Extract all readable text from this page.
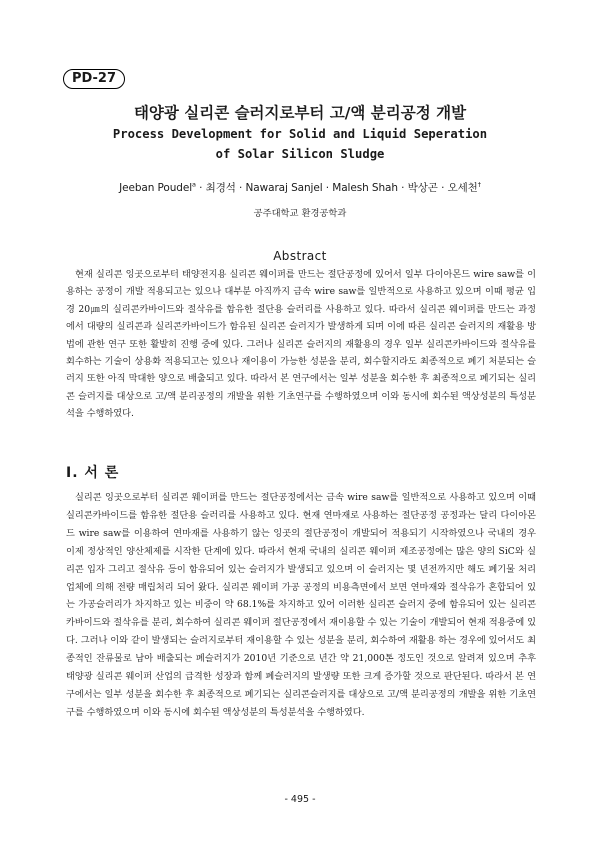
PD-27
태양광 실리콘 슬러지로부터 고/액 분리공정 개발
Process Development for Solid and Liquid Seperation
of Solar Silicon Sludge
Jeeban Poudel$^a$ · 최경석 · Nawaraj Sanjel · Malesh Shah · 박상곤 · 오세천†
공주대학교 환경공학과
Abstract

현재 실리콘 잉곳으로부터 태양전지용 실리콘 웨이퍼를 만드는 절단공정에 있어서 일부 다이아몬드 wire saw를 이용하는 공정이 개발 적용되고는 있으나 대부분 아직까지 금속 wire saw를 일반적으로 사용하고 있으며 이때 평균 입경 20㎛의 실리콘카바이드와 절삭유를 함유한 절단용 슬러리를 사용하고 있다. 따라서 실리콘 웨이퍼를 만드는 과정에서 대량의 실리콘과 실리콘카바이드가 함유된 실리콘 슬러지가 발생하게 되며 이에 따른 실리콘 슬러지의 재활용 방법에 관한 연구 또한 활발히 진행 중에 있다. 그러나 실리콘 슬러지의 재활용의 경우 일부 실리콘카바이드와 절삭유를 회수하는 기술이 상용화 적용되고는 있으나 재이용이 가능한 성분을 분리, 회수할지라도 최종적으로 폐기 처분되는 슬러지 또한 아직 막대한 양으로 배출되고 있다. 따라서 본 연구에서는 일부 성분을 회수한 후 최종적으로 폐기되는 실리콘 슬러지를 대상으로 고/액 분리공정의 개발을 위한 기초연구를 수행하였으며 이와 동시에 회수된 액상성분의 특성분석을 수행하였다.

I. 서 론

실리콘 잉곳으로부터 실리콘 웨이퍼를 만드는 절단공정에서는 금속 wire saw를 일반적으로 사용하고 있으며 이때 실리콘카바이드를 함유한 절단용 슬러리를 사용하고 있다. 현재 연마재로 사용하는 절단공정 공정과는 달리 다이아몬드 wire saw를 이용하여 연마재를 사용하기 않는 잉곳의 절단공정이 개발되어 적용되기 시작하였으나 국내의 경우 이제 정상적인 양산체제를 시작한 단계에 있다. 따라서 현재 국내의 실리콘 웨이퍼 제조공정에는 많은 양의 SiC와 실리콘 입자 그리고 절삭유 등이 함유되어 있는 슬러지가 발생되고 있으며 이 슬러지는 몇 년전까지만 해도 폐기물 처리업체에 의해 전량 매립처리 되어 왔다. 실리콘 웨이퍼 가공 공정의 비용측면에서 보면 연마재와 절삭유가 혼합되어 있는 가공슬러리가 차지하고 있는 비중이 약 68.1%를 차지하고 있어 이러한 실리콘 슬러지 중에 함유되어 있는 실리콘 카바이드와 절삭유를 분리, 회수하여 실리콘 웨이퍼 절단공정에서 재이용할 수 있는 기술이 개발되어 현재 적용중에 있다. 그러나 이와 같이 발생되는 슬러지로부터 재이용할 수 있는 성분을 분리, 회수하여 재활용 하는 경우에 있어서도 최종적인 잔류물로 남아 배출되는 폐슬러지가 2010년 기준으로 년간 약 21,000톤 정도인 것으로 알려져 있으며 추후 태양광 실리콘 웨이퍼 산업의 급격한 성장과 함께 폐슬러지의 발생량 또한 크게 증가할 것으로 판단된다. 따라서 본 연구에서는 일부 성분을 회수한 후 최종적으로 폐기되는 실리콘슬러지를 대상으로 고/액 분리공정의 개발을 위한 기초연구를 수행하였으며 이와 동시에 회수된 액상성분의 특성분석을 수행하였다.

- 495 -
